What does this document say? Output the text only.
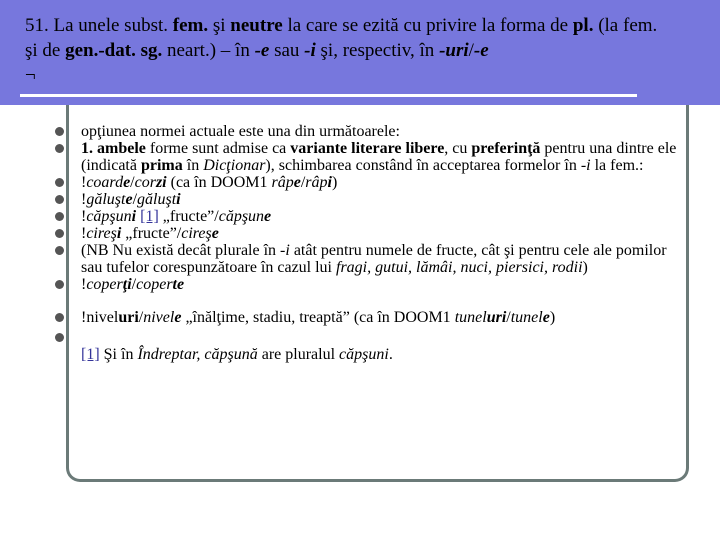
51. La unele subst. fem. şi neutre la care se ezită cu privire la forma de pl. (la fem. şi de gen.-dat. sg. neart.) – în -e sau -i şi, respectiv, în -uri/-e
¬

opţiunea normei actuale este una din următoarele:
1. ambele forme sunt admise ca variante literare libere, cu preferinţă pentru una dintre ele (indicată prima în Dicţionar), schimbarea constând în acceptarea formelor în -i la fem.:
!coarde/corzi (ca în DOOM1 râpe/râpi)
!găluşte/găluşti
!căpşuni [1] „fructe”/căpşune
!cireşi „fructe”/cireşe
(NB Nu există decât plurale în -i atât pentru numele de fructe, cât şi pentru cele ale pomilor sau tufelor corespunzătoare în cazul lui fragi, gutui, lămâi, nuci, piersici, rodii)
!coperţi/coperte
!niveluri/nivele „înălţime, stadiu, treaptă” (ca în DOOM1 tuneluri/tunele)

[1] Şi în Îndreptar, căpşună are pluralul căpşuni.
